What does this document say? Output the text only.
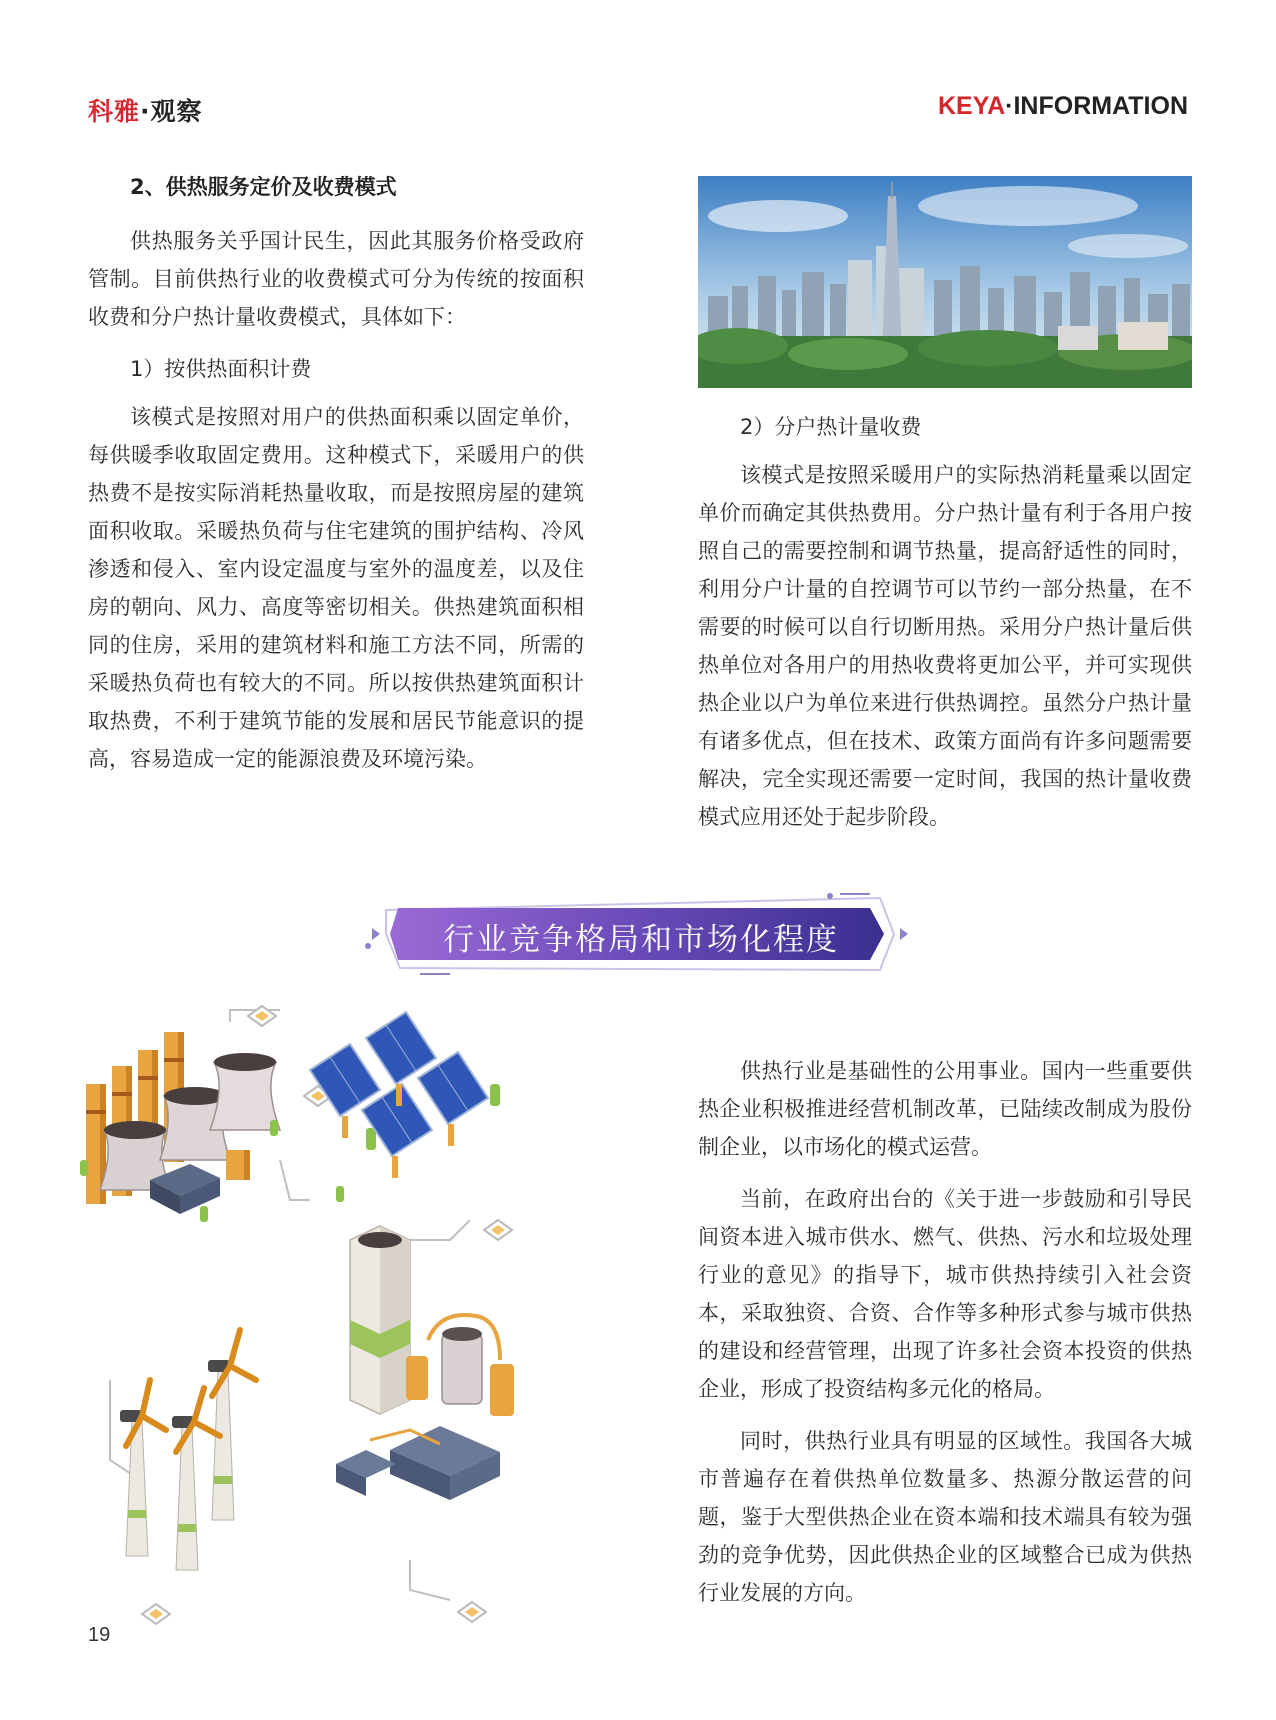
科雅·观察	KEYA·INFORMATION
2、供热服务定价及收费模式

供热服务关乎国计民生，因此其服务价格受政府管制。目前供热行业的收费模式可分为传统的按面积收费和分户热计量收费模式，具体如下：

1）按供热面积计费

该模式是按照对用户的供热面积乘以固定单价，每供暖季收取固定费用。这种模式下，采暖用户的供热费不是按实际消耗热量收取，而是按照房屋的建筑面积收取。采暖热负荷与住宅建筑的围护结构、冷风渗透和侵入、室内设定温度与室外的温度差，以及住房的朝向、风力、高度等密切相关。供热建筑面积相同的住房，采用的建筑材料和施工方法不同，所需的采暖热负荷也有较大的不同。所以按供热建筑面积计取热费，不利于建筑节能的发展和居民节能意识的提高，容易造成一定的能源浪费及环境污染。

2）分户热计量收费

该模式是按照采暖用户的实际热消耗量乘以固定单价而确定其供热费用。分户热计量有利于各用户按照自己的需要控制和调节热量，提高舒适性的同时，利用分户计量的自控调节可以节约一部分热量，在不需要的时候可以自行切断用热。采用分户热计量后供热单位对各用户的用热收费将更加公平，并可实现供热企业以户为单位来进行供热调控。虽然分户热计量有诸多优点，但在技术、政策方面尚有许多问题需要解决，完全实现还需要一定时间，我国的热计量收费模式应用还处于起步阶段。

行业竞争格局和市场化程度

供热行业是基础性的公用事业。国内一些重要供热企业积极推进经营机制改革，已陆续改制成为股份制企业，以市场化的模式运营。

当前，在政府出台的《关于进一步鼓励和引导民间资本进入城市供水、燃气、供热、污水和垃圾处理行业的意见》的指导下，城市供热持续引入社会资本，采取独资、合资、合作等多种形式参与城市供热的建设和经营管理，出现了许多社会资本投资的供热企业，形成了投资结构多元化的格局。

同时，供热行业具有明显的区域性。我国各大城市普遍存在着供热单位数量多、热源分散运营的问题，鉴于大型供热企业在资本端和技术端具有较为强劲的竞争优势，因此供热企业的区域整合已成为供热行业发展的方向。

19
